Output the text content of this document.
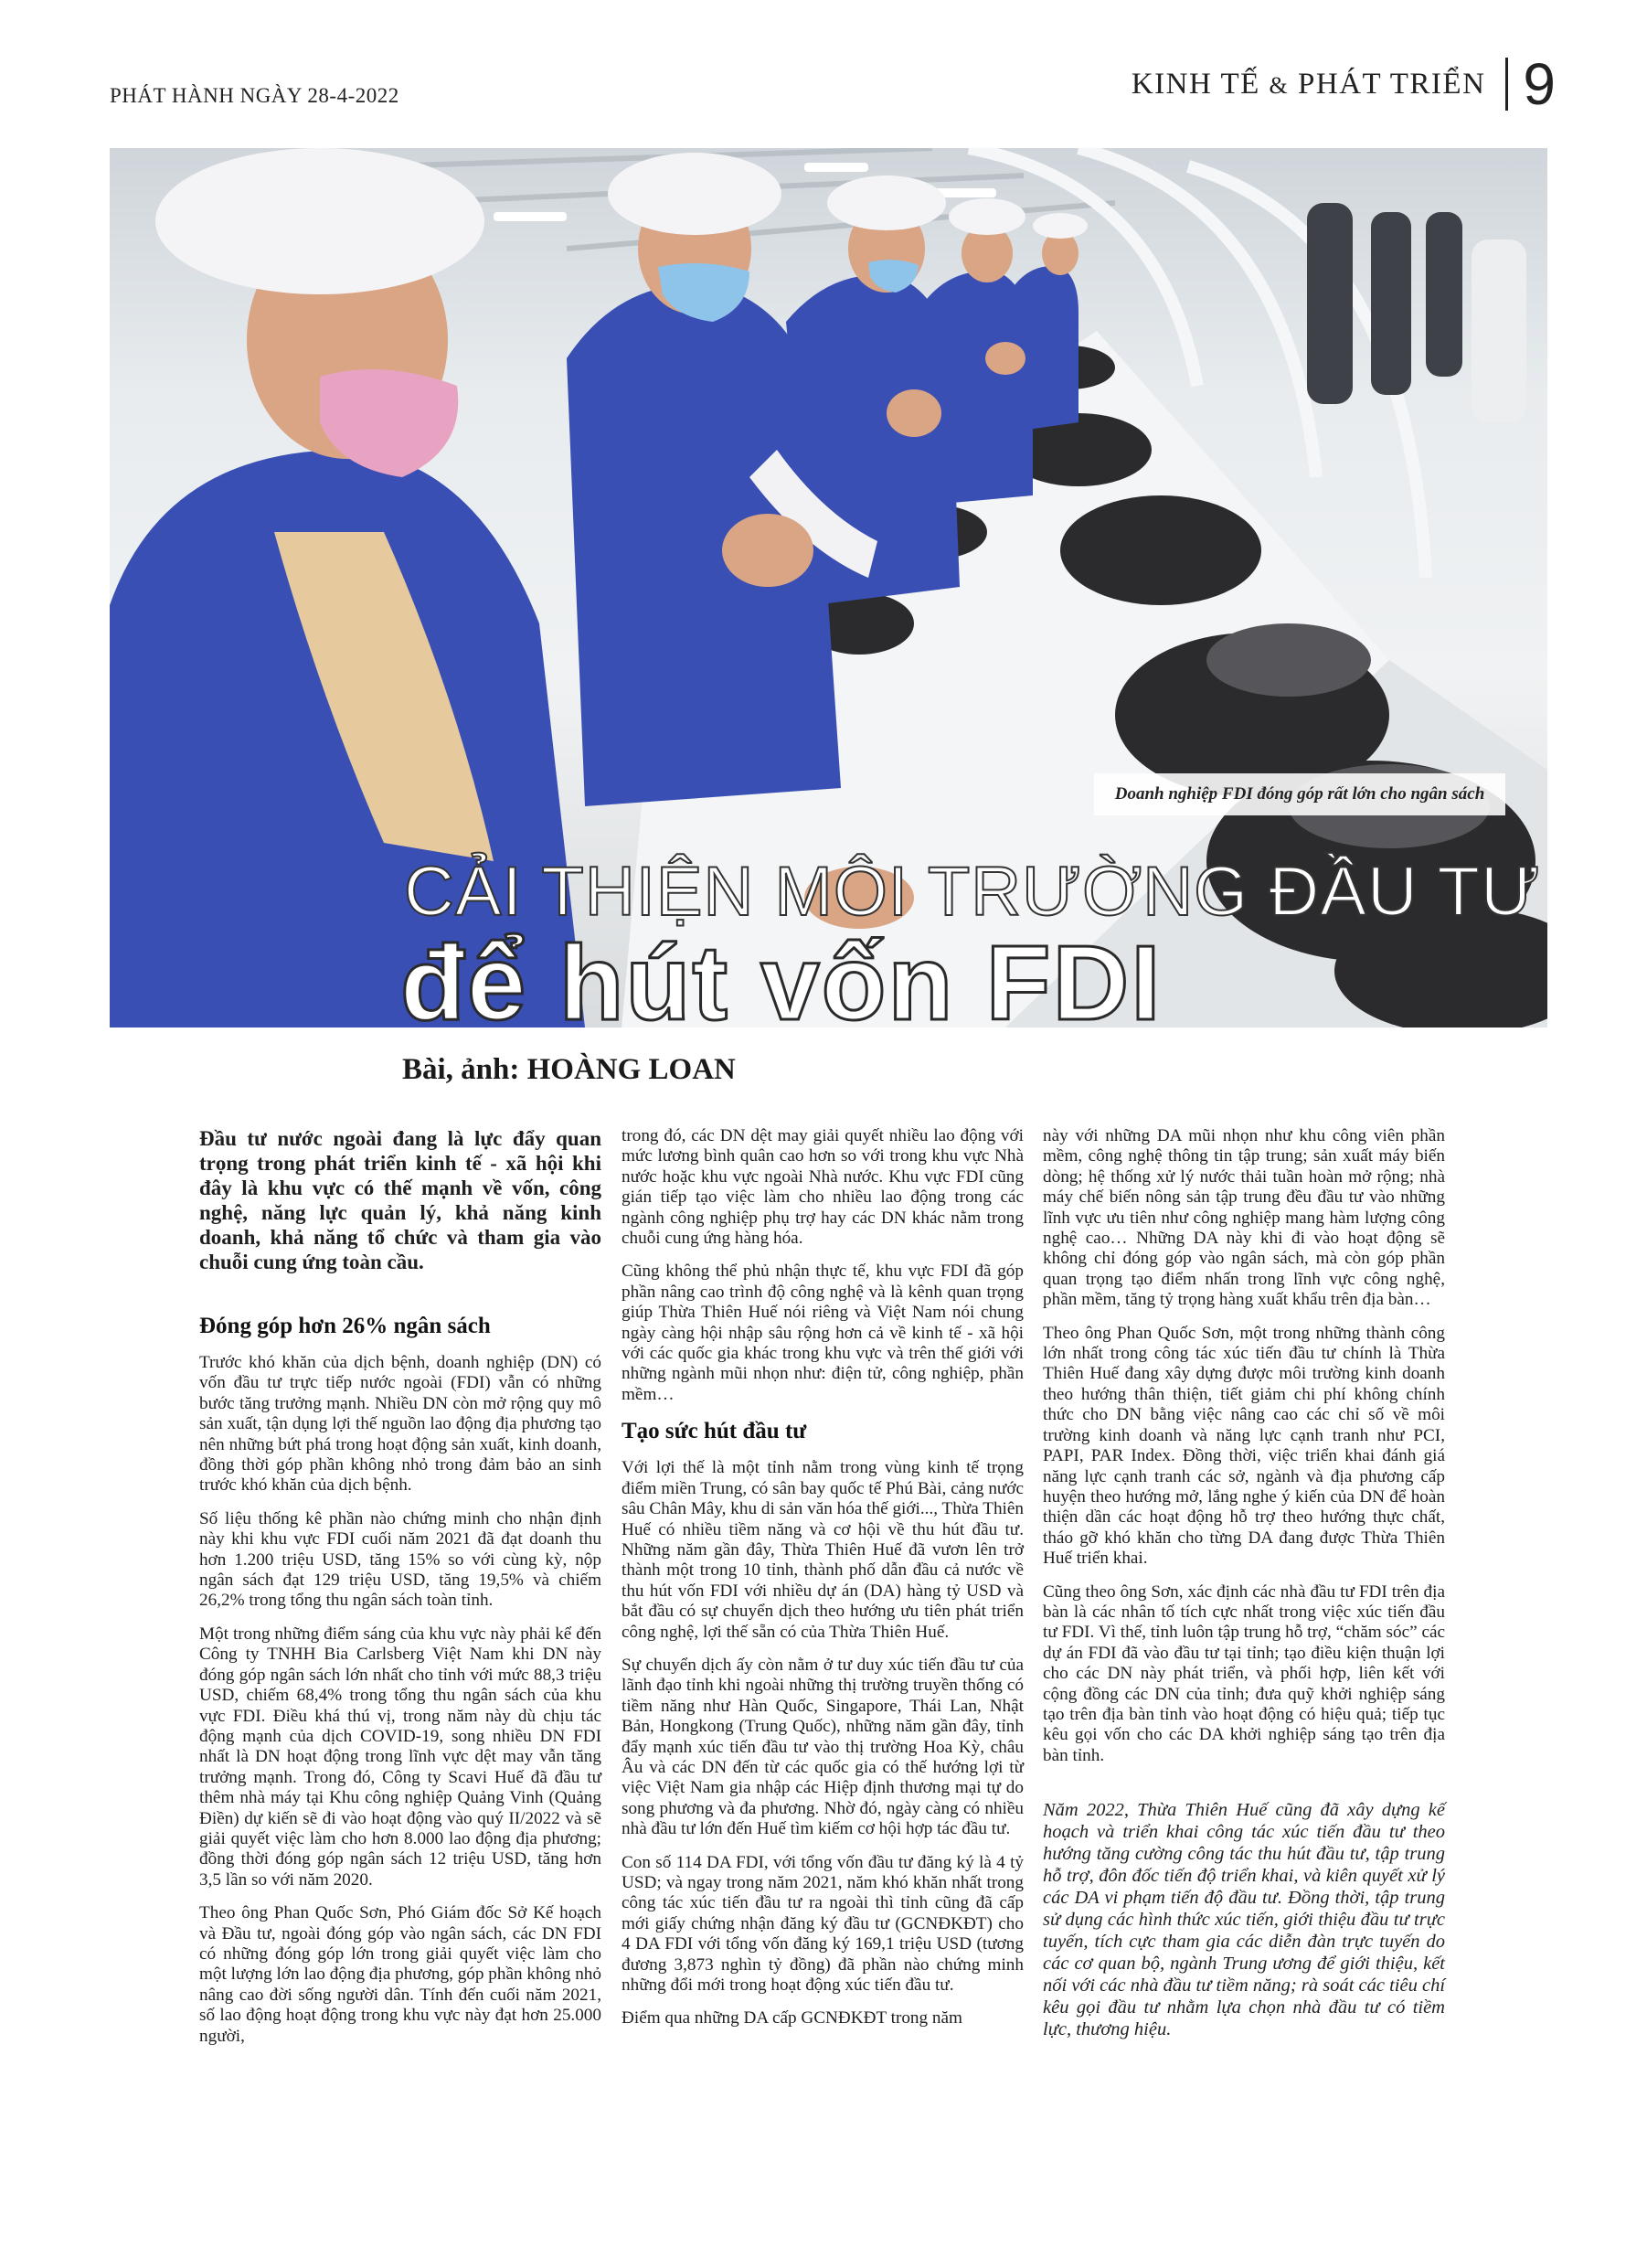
PHÁT HÀNH NGÀY 28-4-2022	KINH TẾ & PHÁT TRIỂN 9
Doanh nghiệp FDI đóng góp rất lớn cho ngân sách
CẢI THIỆN MÔI TRƯỜNG ĐẦU TƯ
để hút vốn FDI
Bài, ảnh: HOÀNG LOAN

Đầu tư nước ngoài đang là lực đẩy quan trọng trong phát triển kinh tế - xã hội khi đây là khu vực có thế mạnh về vốn, công nghệ, năng lực quản lý, khả năng kinh doanh, khả năng tổ chức và tham gia vào chuỗi cung ứng toàn cầu.

Đóng góp hơn 26% ngân sách

Trước khó khăn của dịch bệnh, doanh nghiệp (DN) có vốn đầu tư trực tiếp nước ngoài (FDI) vẫn có những bước tăng trưởng mạnh. Nhiều DN còn mở rộng quy mô sản xuất, tận dụng lợi thế nguồn lao động địa phương tạo nên những bứt phá trong hoạt động sản xuất, kinh doanh, đồng thời góp phần không nhỏ trong đảm bảo an sinh trước khó khăn của dịch bệnh.

Số liệu thống kê phần nào chứng minh cho nhận định này khi khu vực FDI cuối năm 2021 đã đạt doanh thu hơn 1.200 triệu USD, tăng 15% so với cùng kỳ, nộp ngân sách đạt 129 triệu USD, tăng 19,5% và chiếm 26,2% trong tổng thu ngân sách toàn tỉnh.

Một trong những điểm sáng của khu vực này phải kể đến Công ty TNHH Bia Carlsberg Việt Nam khi DN này đóng góp ngân sách lớn nhất cho tỉnh với mức 88,3 triệu USD, chiếm 68,4% trong tổng thu ngân sách của khu vực FDI. Điều khá thú vị, trong năm này dù chịu tác động mạnh của dịch COVID-19, song nhiều DN FDI nhất là DN hoạt động trong lĩnh vực dệt may vẫn tăng trưởng mạnh. Trong đó, Công ty Scavi Huế đã đầu tư thêm nhà máy tại Khu công nghiệp Quảng Vinh (Quảng Điền) dự kiến sẽ đi vào hoạt động vào quý II/2022 và sẽ giải quyết việc làm cho hơn 8.000 lao động địa phương; đồng thời đóng góp ngân sách 12 triệu USD, tăng hơn 3,5 lần so với năm 2020.

Theo ông Phan Quốc Sơn, Phó Giám đốc Sở Kế hoạch và Đầu tư, ngoài đóng góp vào ngân sách, các DN FDI có những đóng góp lớn trong giải quyết việc làm cho một lượng lớn lao động địa phương, góp phần không nhỏ nâng cao đời sống người dân. Tính đến cuối năm 2021, số lao động hoạt động trong khu vực này đạt hơn 25.000 người,

trong đó, các DN dệt may giải quyết nhiều lao động với mức lương bình quân cao hơn so với trong khu vực Nhà nước hoặc khu vực ngoài Nhà nước. Khu vực FDI cũng gián tiếp tạo việc làm cho nhiều lao động trong các ngành công nghiệp phụ trợ hay các DN khác nằm trong chuỗi cung ứng hàng hóa.

Cũng không thể phủ nhận thực tế, khu vực FDI đã góp phần nâng cao trình độ công nghệ và là kênh quan trọng giúp Thừa Thiên Huế nói riêng và Việt Nam nói chung ngày càng hội nhập sâu rộng hơn cả về kinh tế - xã hội với các quốc gia khác trong khu vực và trên thế giới với những ngành mũi nhọn như: điện tử, công nghiệp, phần mềm…

Tạo sức hút đầu tư

Với lợi thế là một tỉnh nằm trong vùng kinh tế trọng điểm miền Trung, có sân bay quốc tế Phú Bài, cảng nước sâu Chân Mây, khu di sản văn hóa thế giới..., Thừa Thiên Huế có nhiều tiềm năng và cơ hội về thu hút đầu tư. Những năm gần đây, Thừa Thiên Huế đã vươn lên trở thành một trong 10 tỉnh, thành phố dẫn đầu cả nước về thu hút vốn FDI với nhiều dự án (DA) hàng tỷ USD và bắt đầu có sự chuyển dịch theo hướng ưu tiên phát triển công nghệ, lợi thế sẵn có của Thừa Thiên Huế.

Sự chuyển dịch ấy còn nằm ở tư duy xúc tiến đầu tư của lãnh đạo tỉnh khi ngoài những thị trường truyền thống có tiềm năng như Hàn Quốc, Singapore, Thái Lan, Nhật Bản, Hongkong (Trung Quốc), những năm gần đây, tỉnh đẩy mạnh xúc tiến đầu tư vào thị trường Hoa Kỳ, châu Âu và các DN đến từ các quốc gia có thế hướng lợi từ việc Việt Nam gia nhập các Hiệp định thương mại tự do song phương và đa phương. Nhờ đó, ngày càng có nhiều nhà đầu tư lớn đến Huế tìm kiếm cơ hội hợp tác đầu tư.

Con số 114 DA FDI, với tổng vốn đầu tư đăng ký là 4 tỷ USD; và ngay trong năm 2021, năm khó khăn nhất trong công tác xúc tiến đầu tư ra ngoài thì tỉnh cũng đã cấp mới giấy chứng nhận đăng ký đầu tư (GCNĐKĐT) cho 4 DA FDI với tổng vốn đăng ký 169,1 triệu USD (tương đương 3,873 nghìn tỷ đồng) đã phần nào chứng minh những đổi mới trong hoạt động xúc tiến đầu tư.

Điểm qua những DA cấp GCNĐKĐT trong năm

này với những DA mũi nhọn như khu công viên phần mềm, công nghệ thông tin tập trung; sản xuất máy biến dòng; hệ thống xử lý nước thải tuần hoàn mở rộng; nhà máy chế biến nông sản tập trung đều đầu tư vào những lĩnh vực ưu tiên như công nghiệp mang hàm lượng công nghệ cao… Những DA này khi đi vào hoạt động sẽ không chỉ đóng góp vào ngân sách, mà còn góp phần quan trọng tạo điểm nhấn trong lĩnh vực công nghệ, phần mềm, tăng tỷ trọng hàng xuất khẩu trên địa bàn…

Theo ông Phan Quốc Sơn, một trong những thành công lớn nhất trong công tác xúc tiến đầu tư chính là Thừa Thiên Huế đang xây dựng được môi trường kinh doanh theo hướng thân thiện, tiết giảm chi phí không chính thức cho DN bằng việc nâng cao các chỉ số về môi trường kinh doanh và năng lực cạnh tranh như PCI, PAPI, PAR Index. Đồng thời, việc triển khai đánh giá năng lực cạnh tranh các sở, ngành và địa phương cấp huyện theo hướng mở, lắng nghe ý kiến của DN để hoàn thiện dần các hoạt động hỗ trợ theo hướng thực chất, tháo gỡ khó khăn cho từng DA đang được Thừa Thiên Huế triển khai.

Cũng theo ông Sơn, xác định các nhà đầu tư FDI trên địa bàn là các nhân tố tích cực nhất trong việc xúc tiến đầu tư FDI. Vì thế, tỉnh luôn tập trung hỗ trợ, “chăm sóc” các dự án FDI đã vào đầu tư tại tỉnh; tạo điều kiện thuận lợi cho các DN này phát triển, và phối hợp, liên kết với cộng đồng các DN của tỉnh; đưa quỹ khởi nghiệp sáng tạo trên địa bàn tỉnh vào hoạt động có hiệu quả; tiếp tục kêu gọi vốn cho các DA khởi nghiệp sáng tạo trên địa bàn tỉnh.

Năm 2022, Thừa Thiên Huế cũng đã xây dựng kế hoạch và triển khai công tác xúc tiến đầu tư theo hướng tăng cường công tác thu hút đầu tư, tập trung hỗ trợ, đôn đốc tiến độ triển khai, và kiên quyết xử lý các DA vi phạm tiến độ đầu tư. Đồng thời, tập trung sử dụng các hình thức xúc tiến, giới thiệu đầu tư trực tuyến, tích cực tham gia các diễn đàn trực tuyến do các cơ quan bộ, ngành Trung ương để giới thiệu, kết nối với các nhà đầu tư tiềm năng; rà soát các tiêu chí kêu gọi đầu tư nhằm lựa chọn nhà đầu tư có tiềm lực, thương hiệu.
